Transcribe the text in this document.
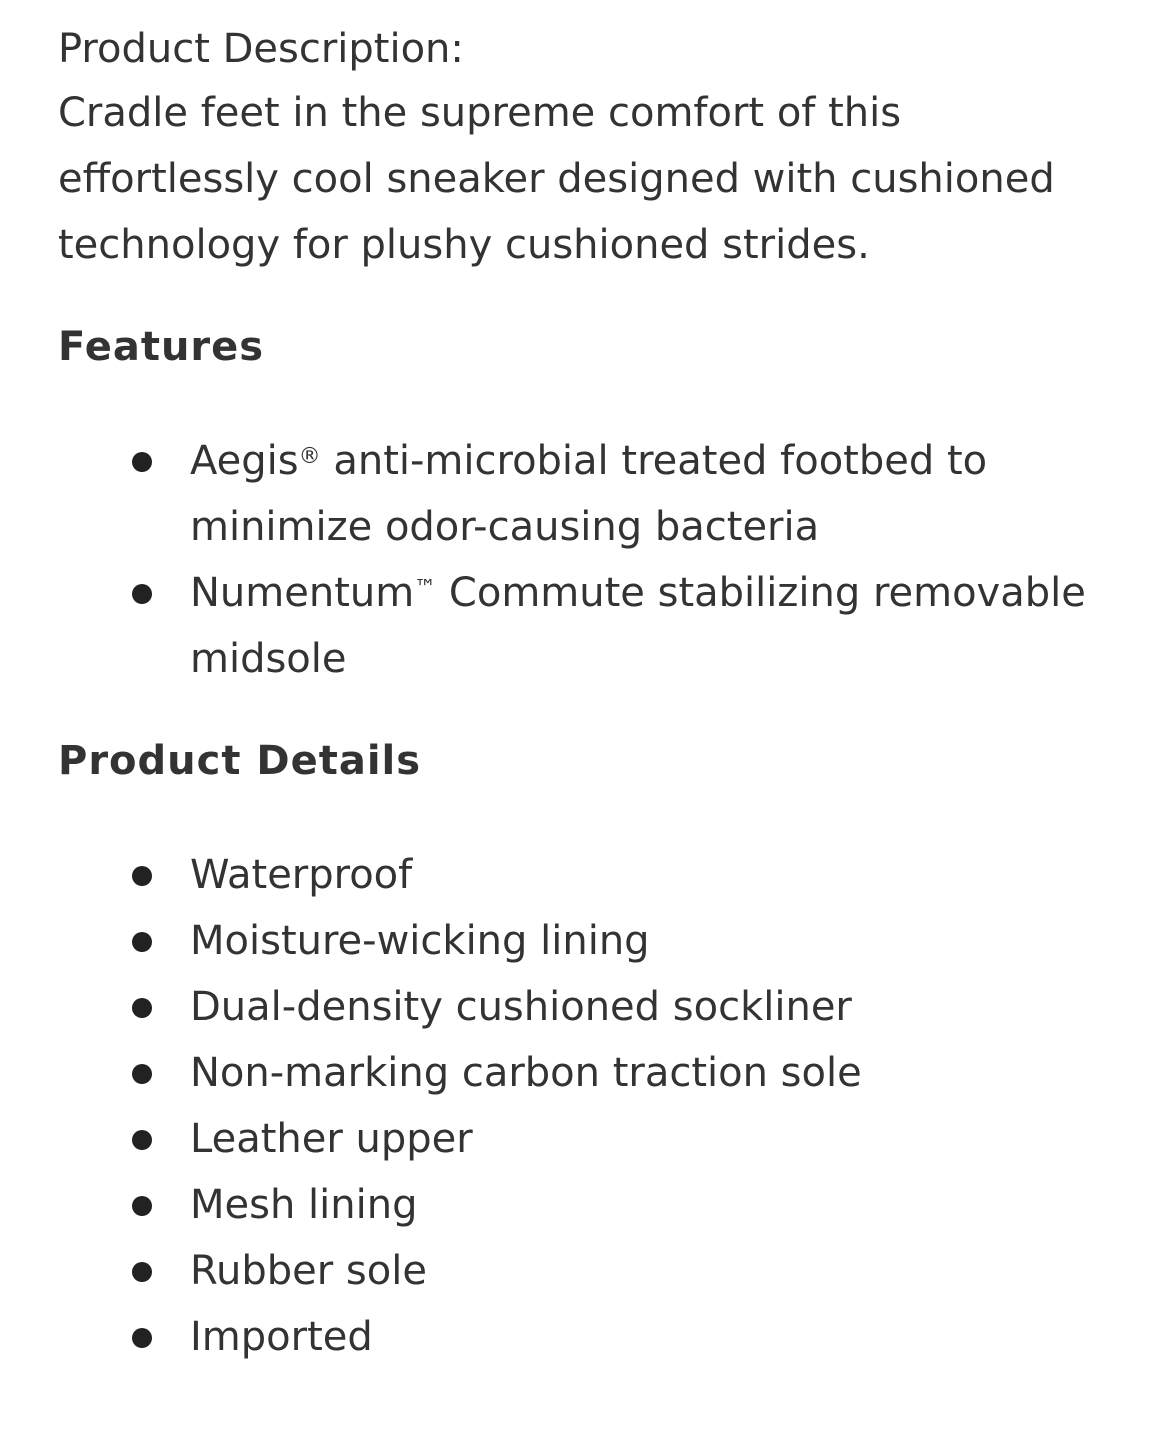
Product Description:

Cradle feet in the supreme comfort of this effortlessly cool sneaker designed with cushioned technology for plushy cushioned strides.

Features
Aegis® anti-microbial treated footbed to minimize odor-causing bacteria
Numentum™ Commute stabilizing removable midsole
Product Details
Waterproof
Moisture-wicking lining
Dual-density cushioned sockliner
Non-marking carbon traction sole
Leather upper
Mesh lining
Rubber sole
Imported
